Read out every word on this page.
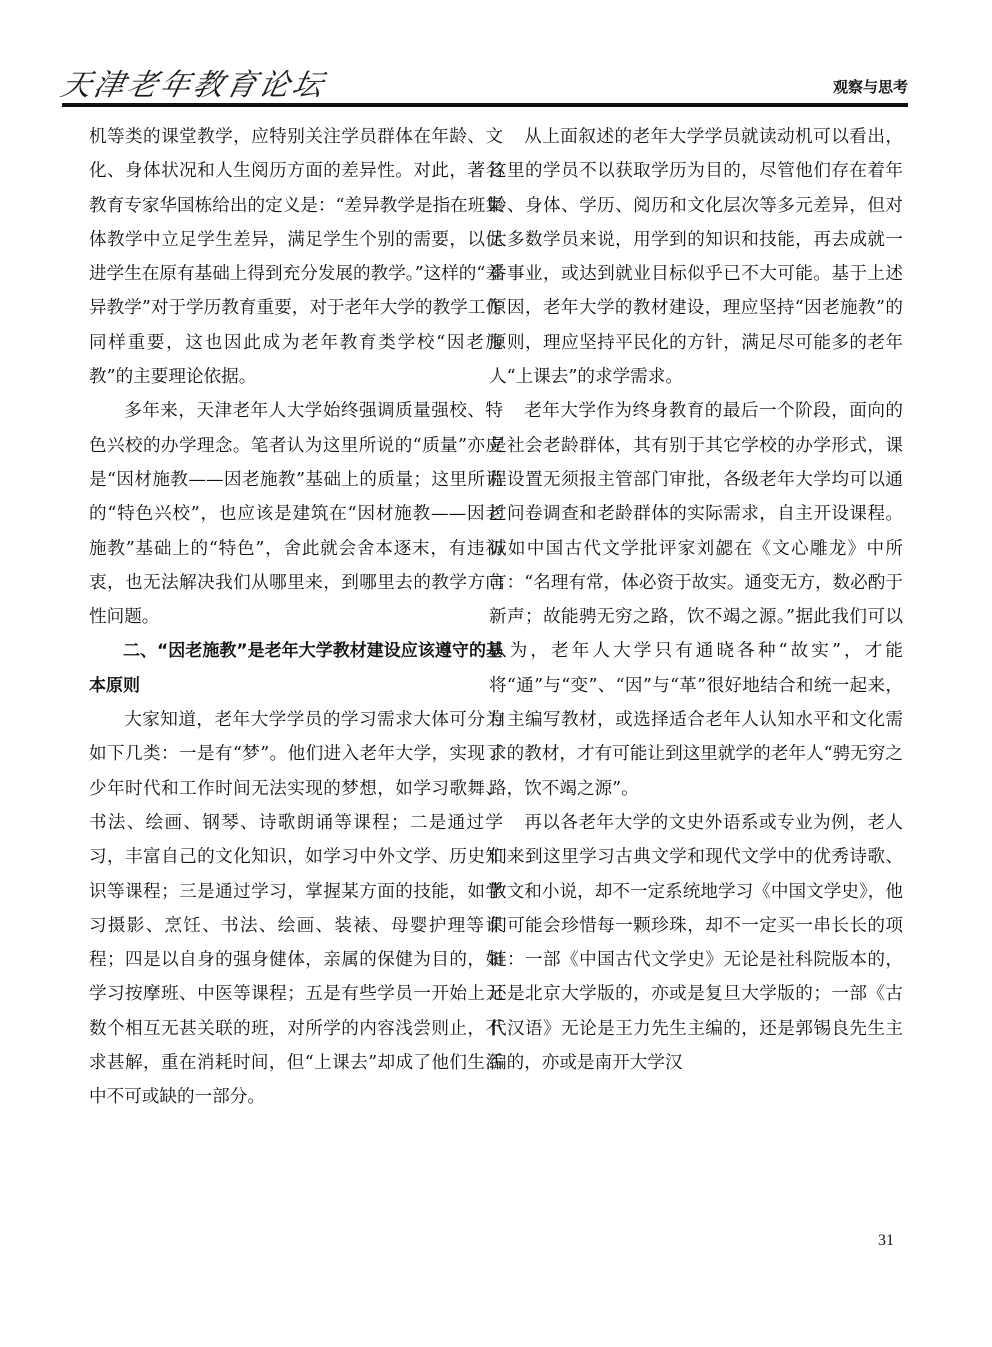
天津老年教育论坛	观察与思考

机等类的课堂教学，应特别关注学员群体在年龄、文化、身体状况和人生阅历方面的差异性。对此，著名教育专家华国栋给出的定义是：“差异教学是指在班集体教学中立足学生差异，满足学生个别的需要，以促进学生在原有基础上得到充分发展的教学。”这样的“差异教学”对于学历教育重要，对于老年大学的教学工作同样重要，这也因此成为老年教育类学校“因老施教”的主要理论依据。

多年来，天津老年人大学始终强调质量强校、特色兴校的办学理念。笔者认为这里所说的“质量”亦应是“因材施教——因老施教”基础上的质量；这里所说的“特色兴校”，也应该是建筑在“因材施教——因老施教”基础上的“特色”，舍此就会舍本逐末，有违初衷，也无法解决我们从哪里来，到哪里去的教学方向性问题。

二、“因老施教”是老年大学教材建设应该遵守的基本原则

大家知道，老年大学学员的学习需求大体可分为如下几类：一是有“梦”。他们进入老年大学，实现了少年时代和工作时间无法实现的梦想，如学习歌舞、书法、绘画、钢琴、诗歌朗诵等课程；二是通过学习，丰富自己的文化知识，如学习中外文学、历史知识等课程；三是通过学习，掌握某方面的技能，如学习摄影、烹饪、书法、绘画、装裱、母婴护理等课程；四是以自身的强身健体，亲属的保健为目的，如学习按摩班、中医等课程；五是有些学员一开始上无数个相互无甚关联的班，对所学的内容浅尝则止，不求甚解，重在消耗时间，但“上课去”却成了他们生活中不可或缺的一部分。

从上面叙述的老年大学学员就读动机可以看出，这里的学员不以获取学历为目的，尽管他们存在着年龄、身体、学历、阅历和文化层次等多元差异，但对大多数学员来说，用学到的知识和技能，再去成就一番事业，或达到就业目标似乎已不大可能。基于上述原因，老年大学的教材建设，理应坚持“因老施教”的原则，理应坚持平民化的方针，满足尽可能多的老年人“上课去”的求学需求。

老年大学作为终身教育的最后一个阶段，面向的是社会老龄群体，其有别于其它学校的办学形式，课程设置无须报主管部门审批，各级老年大学均可以通过问卷调查和老龄群体的实际需求，自主开设课程。诚如中国古代文学批评家刘勰在《文心雕龙》中所言：“名理有常，体必资于故实。通变无方，数必酌于新声；故能骋无穷之路，饮不竭之源。”据此我们可以认为，老年人大学只有通晓各种“故实”，才能将“通”与“变”、“因”与“革”很好地结合和统一起来，自主编写教材，或选择适合老年人认知水平和文化需求的教材，才有可能让到这里就学的老年人“骋无穷之路，饮不竭之源”。

再以各老年大学的文史外语系或专业为例，老人们来到这里学习古典文学和现代文学中的优秀诗歌、散文和小说，却不一定系统地学习《中国文学史》，他们可能会珍惜每一颗珍珠，却不一定买一串长长的项链：一部《中国古代文学史》无论是社科院版本的，还是北京大学版的，亦或是复旦大学版的；一部《古代汉语》无论是王力先生主编的，还是郭锡良先生主编的，亦或是南开大学汉

31
